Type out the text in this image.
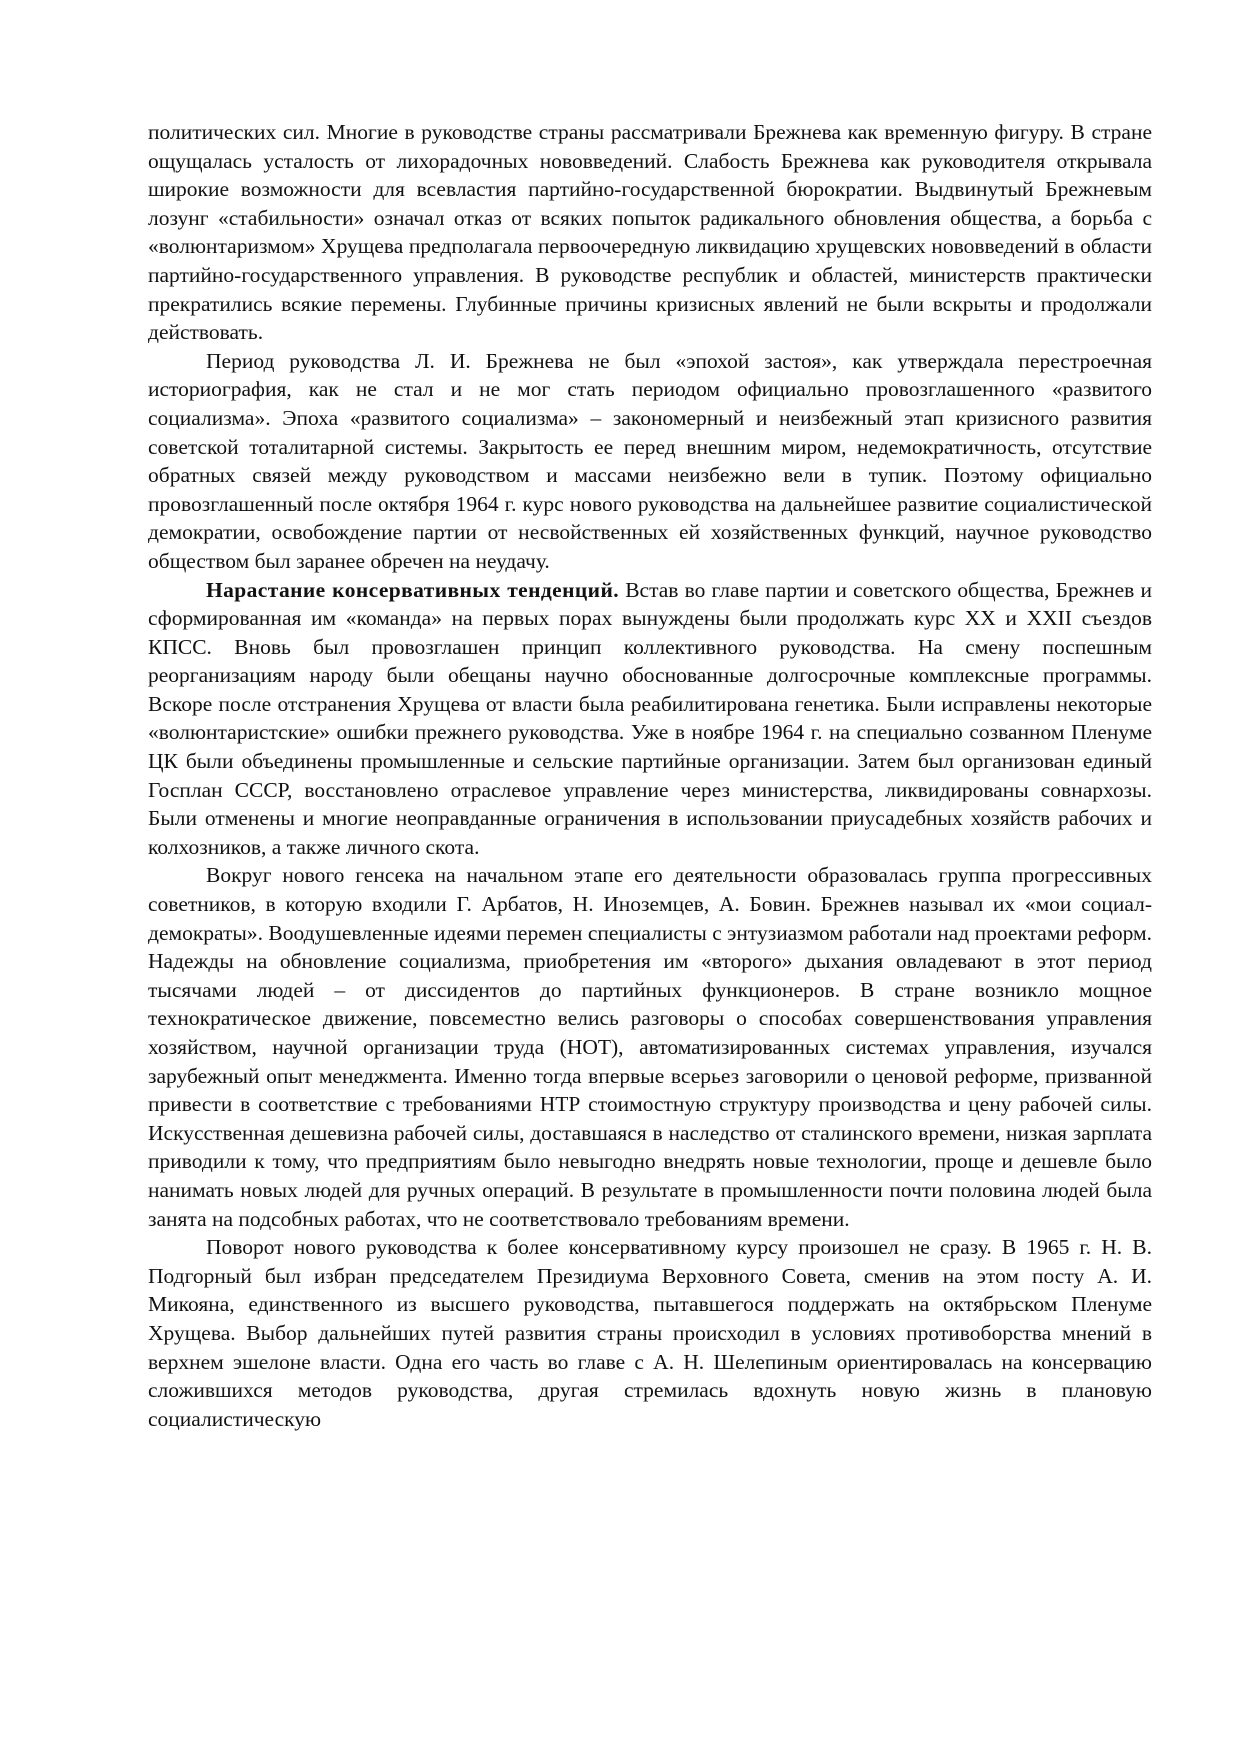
политических сил. Многие в руководстве страны рассматривали Брежнева как временную фигуру. В стране ощущалась усталость от лихорадочных нововведений. Слабость Брежнева как руководителя открывала широкие возможности для всевластия партийно-государственной бюрократии. Выдвинутый Брежневым лозунг «стабильности» означал отказ от всяких попыток радикального обновления общества, а борьба с «волюнтаризмом» Хрущева предполагала первоочередную ликвидацию хрущевских нововведений в области партийно-государственного управления. В руководстве республик и областей, министерств практически прекратились всякие перемены. Глубинные причины кризисных явлений не были вскрыты и продолжали действовать.

Период руководства Л. И. Брежнева не был «эпохой застоя», как утверждала перестроечная историография, как не стал и не мог стать периодом официально провозглашенного «развитого социализма». Эпоха «развитого социализма» – закономерный и неизбежный этап кризисного развития советской тоталитарной системы. Закрытость ее перед внешним миром, недемократичность, отсутствие обратных связей между руководством и массами неизбежно вели в тупик. Поэтому официально провозглашенный после октября 1964 г. курс нового руководства на дальнейшее развитие социалистической демократии, освобождение партии от несвойственных ей хозяйственных функций, научное руководство обществом был заранее обречен на неудачу.

Нарастание консервативных тенденций. Встав во главе партии и советского общества, Брежнев и сформированная им «команда» на первых порах вынуждены были продолжать курс XX и XXII съездов КПСС. Вновь был провозглашен принцип коллективного руководства. На смену поспешным реорганизациям народу были обещаны научно обоснованные долгосрочные комплексные программы. Вскоре после отстранения Хрущева от власти была реабилитирована генетика. Были исправлены некоторые «волюнтаристские» ошибки прежнего руководства. Уже в ноябре 1964 г. на специально созванном Пленуме ЦК были объединены промышленные и сельские партийные организации. Затем был организован единый Госплан СССР, восстановлено отраслевое управление через министерства, ликвидированы совнархозы. Были отменены и многие неоправданные ограничения в использовании приусадебных хозяйств рабочих и колхозников, а также личного скота.

Вокруг нового генсека на начальном этапе его деятельности образовалась группа прогрессивных советников, в которую входили Г. Арбатов, Н. Иноземцев, А. Бовин. Брежнев называл их «мои социал-демократы». Воодушевленные идеями перемен специалисты с энтузиазмом работали над проектами реформ. Надежды на обновление социализма, приобретения им «второго» дыхания овладевают в этот период тысячами людей – от диссидентов до партийных функционеров. В стране возникло мощное технократическое движение, повсеместно велись разговоры о способах совершенствования управления хозяйством, научной организации труда (НОТ), автоматизированных системах управления, изучался зарубежный опыт менеджмента. Именно тогда впервые всерьез заговорили о ценовой реформе, призванной привести в соответствие с требованиями НТР стоимостную структуру производства и цену рабочей силы. Искусственная дешевизна рабочей силы, доставшаяся в наследство от сталинского времени, низкая зарплата приводили к тому, что предприятиям было невыгодно внедрять новые технологии, проще и дешевле было нанимать новых людей для ручных операций. В результате в промышленности почти половина людей была занята на подсобных работах, что не соответствовало требованиям времени.

Поворот нового руководства к более консервативному курсу произошел не сразу. В 1965 г. Н. В. Подгорный был избран председателем Президиума Верховного Совета, сменив на этом посту А. И. Микояна, единственного из высшего руководства, пытавшегося поддержать на октябрьском Пленуме Хрущева. Выбор дальнейших путей развития страны происходил в условиях противоборства мнений в верхнем эшелоне власти. Одна его часть во главе с А. Н. Шелепиным ориентировалась на консервацию сложившихся методов руководства, другая стремилась вдохнуть новую жизнь в плановую социалистическую
